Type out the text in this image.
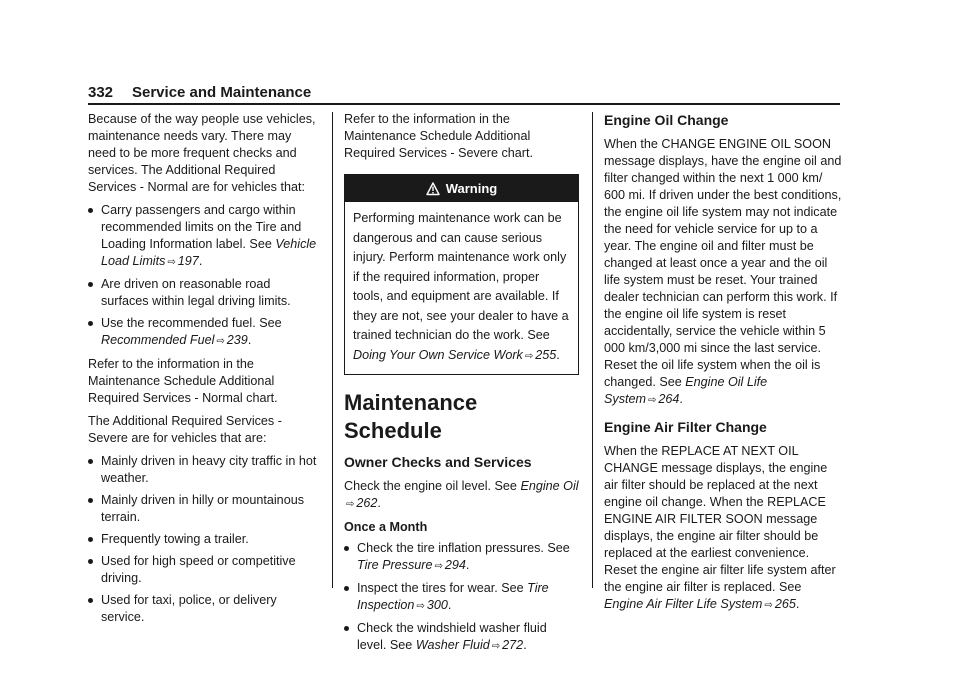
332 Service and Maintenance

Because of the way people use vehicles, maintenance needs vary. There may need to be more frequent checks and services. The Additional Required Services - Normal are for vehicles that:

Carry passengers and cargo within recommended limits on the Tire and Loading Information label. See Vehicle Load Limits ⇨ 197.
Are driven on reasonable road surfaces within legal driving limits.
Use the recommended fuel. See Recommended Fuel ⇨ 239.

Refer to the information in the Maintenance Schedule Additional Required Services - Normal chart.

The Additional Required Services - Severe are for vehicles that are:

Mainly driven in heavy city traffic in hot weather.
Mainly driven in hilly or mountainous terrain.
Frequently towing a trailer.
Used for high speed or competitive driving.
Used for taxi, police, or delivery service.

Refer to the information in the Maintenance Schedule Additional Required Services - Severe chart.

Warning
Performing maintenance work can be dangerous and can cause serious injury. Perform maintenance work only if the required information, proper tools, and equipment are available. If they are not, see your dealer to have a trained technician do the work. See Doing Your Own Service Work ⇨ 255.
Maintenance Schedule
Owner Checks and Services

Check the engine oil level. See Engine Oil
⇨ 262.

Once a Month
Check the tire inflation pressures. See Tire Pressure ⇨ 294.
Inspect the tires for wear. See Tire Inspection ⇨ 300.
Check the windshield washer fluid level. See Washer Fluid ⇨ 272.
Engine Oil Change

When the CHANGE ENGINE OIL SOON message displays, have the engine oil and filter changed within the next 1 000 km/ 600 mi. If driven under the best conditions, the engine oil life system may not indicate the need for vehicle service for up to a year. The engine oil and filter must be changed at least once a year and the oil life system must be reset. Your trained dealer technician can perform this work. If the engine oil life system is reset accidentally, service the vehicle within 5 000 km/3,000 mi since the last service. Reset the oil life system when the oil is changed. See Engine Oil Life System ⇨ 264.

Engine Air Filter Change

When the REPLACE AT NEXT OIL CHANGE message displays, the engine air filter should be replaced at the next engine oil change. When the REPLACE ENGINE AIR FILTER SOON message displays, the engine air filter should be replaced at the earliest convenience. Reset the engine air filter life system after the engine air filter is replaced. See Engine Air Filter Life System ⇨ 265.
